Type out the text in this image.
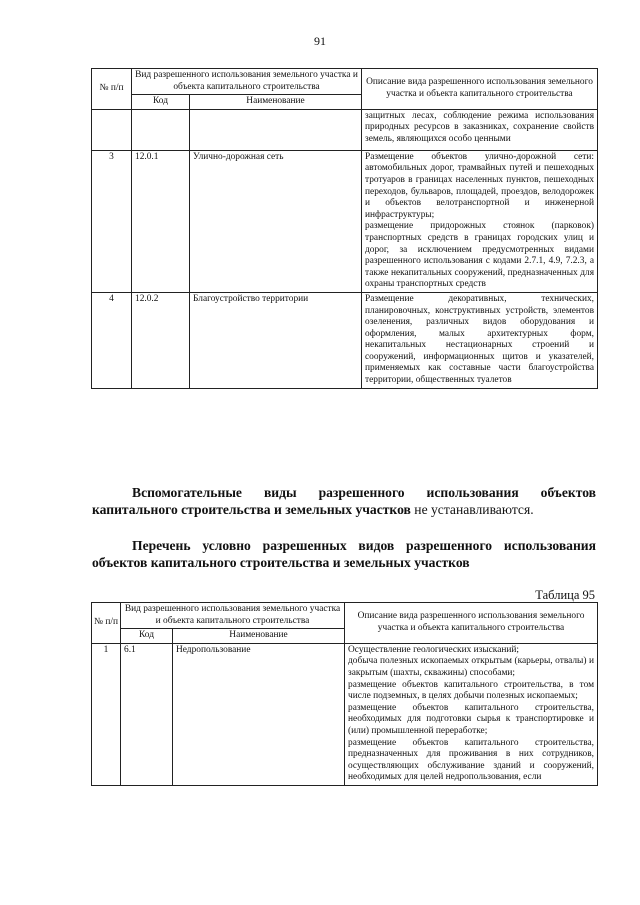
91
№ п/п	Вид разрешенного использования земельного участка и объекта капитального строительства		Описание вида разрешенного использования земельного участка и объекта капитального строительства
	Код	Наименование	
			защитных лесах, соблюдение режима использования природных ресурсов в заказниках, сохранение свойств земель, являющихся особо ценными
3	12.0.1	Улично-дорожная сеть	Размещение объектов улично-дорожной сети: автомобильных дорог, трамвайных путей и пешеходных тротуаров в границах населенных пунктов, пешеходных переходов, бульваров, площадей, проездов, велодорожек и объектов велотранспортной и инженерной инфраструктуры;
размещение придорожных стоянок (парковок) транспортных средств в границах городских улиц и дорог, за исключением предусмотренных видами разрешенного использования с кодами 2.7.1, 4.9, 7.2.3, а также некапитальных сооружений, предназначенных для охраны транспортных средств

4	12.0.2	Благоустройство территории	Размещение декоративных, технических, планировочных, конструктивных устройств, элементов озеленения, различных видов оборудования и оформления, малых архитектурных форм, некапитальных нестационарных строений и сооружений, информационных щитов и указателей, применяемых как составные части благоустройства территории, общественных туалетов
Вспомогательные виды разрешенного использования объектов капитального строительства и земельных участков не устанавливаются.
Перечень условно разрешенных видов разрешенного использования объектов капитального строительства и земельных участков
Таблица 95
№ п/п	Вид разрешенного использования земельного участка и объекта капитального строительства		Описание вида разрешенного использования земельного участка и объекта капитального строительства
	Код	Наименование	
1	6.1	Недропользование	Осуществление геологических изысканий;
добыча полезных ископаемых открытым (карьеры, отвалы) и закрытым (шахты, скважины) способами;
размещение объектов капитального строительства, в том числе подземных, в целях добычи полезных ископаемых;
размещение объектов капитального строительства, необходимых для подготовки сырья к транспортировке и (или) промышленной переработке;
размещение объектов капитального строительства, предназначенных для проживания в них сотрудников, осуществляющих обслуживание зданий и сооружений, необходимых для целей недропользования, если
